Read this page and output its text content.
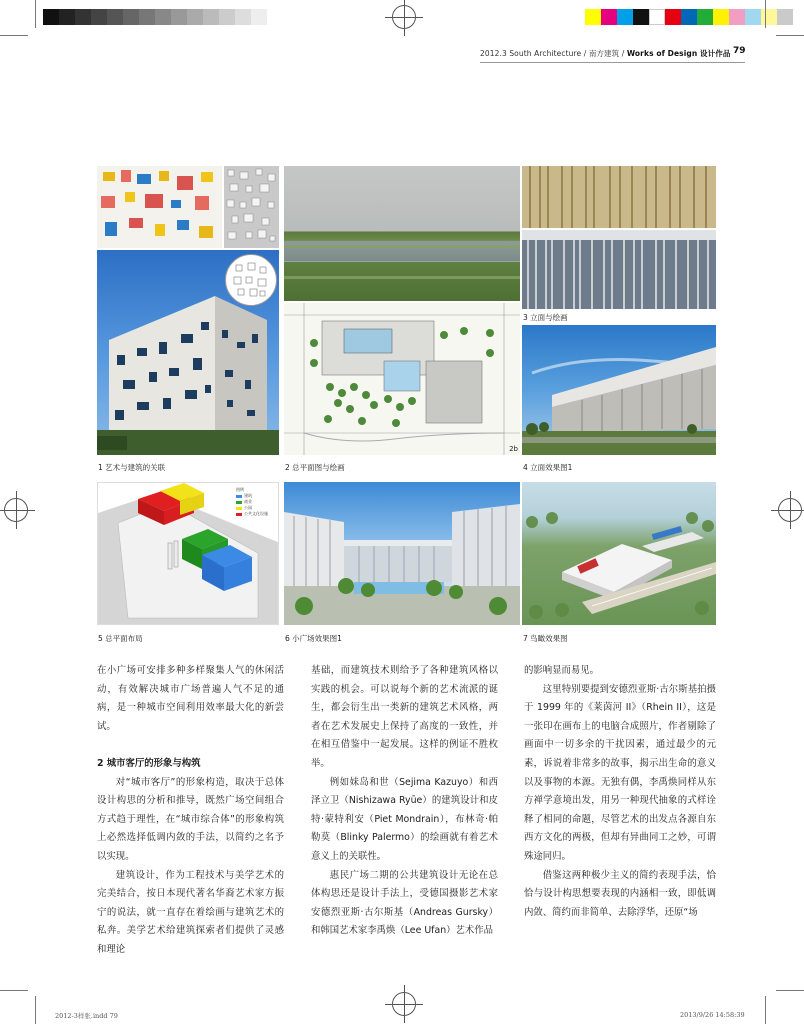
2012.3 South Architecture / 南方建筑 / Works of Design 设计作品 79
2b
3 立面与绘画
1 艺术与建筑的关联	2 总平面图与绘画	4 立面效果图1
图例
建筑
商业
公园
公共文化设施
5 总平面布局	6 小广场效果图1	7 鸟瞰效果图

在小广场可安排多种多样聚集人气的休闲活动，有效解决城市广场普遍人气不足的通病，是一种城市空间利用效率最大化的新尝试。

2 城市客厅的形象与构筑

对“城市客厅”的形象构造，取决于总体设计构思的分析和推导，既然广场空间组合方式趋于理性，在“城市综合体”的形象构筑上必然选择低调内敛的手法，以简约之名予以实现。

建筑设计，作为工程技术与美学艺术的完美结合，按日本现代著名华裔艺术家方振宁的说法，就一直存在着绘画与建筑艺术的私奔。美学艺术给建筑探索者们提供了灵感和理论

基础，而建筑技术则给予了各种建筑风格以实践的机会。可以说每个新的艺术流派的诞生，都会衍生出一类新的建筑艺术风格，两者在艺术发展史上保持了高度的一致性，并在相互借鉴中一起发展。这样的例证不胜枚举。

例如妹岛和世（Sejima Kazuyo）和西泽立卫（Nishizawa Ryūe）的建筑设计和皮特·蒙特利安（Piet Mondrain），布林奇·帕勒莫（Blinky Palermo）的绘画就有着艺术意义上的关联性。

惠民广场二期的公共建筑设计无论在总体构思还是设计手法上，受德国摄影艺术家安德烈亚斯·古尔斯基（Andreas Gursky）和韩国艺术家李禹焕（Lee Ufan）艺术作品

的影响显而易见。

这里特别要提到安德烈亚斯·古尔斯基拍摄于 1999 年的《莱茵河 II》（Rhein II），这是一张印在画布上的电脑合成照片，作者剔除了画面中一切多余的干扰因素，通过最少的元素，诉说着非常多的故事，揭示出生命的意义以及事物的本源。无独有偶，李禹焕同样从东方禅学意境出发，用另一种现代抽象的式样诠释了相同的命题，尽管艺术的出发点各源自东西方文化的两极，但却有异曲同工之妙，可谓殊途同归。

借鉴这两种极少主义的简约表现手法，恰恰与设计构思想要表现的内涵相一致，即低调内敛、简约而非简单、去除浮华，还原“场

2012-3样张.indd 79	2013/9/26 14:58:39
